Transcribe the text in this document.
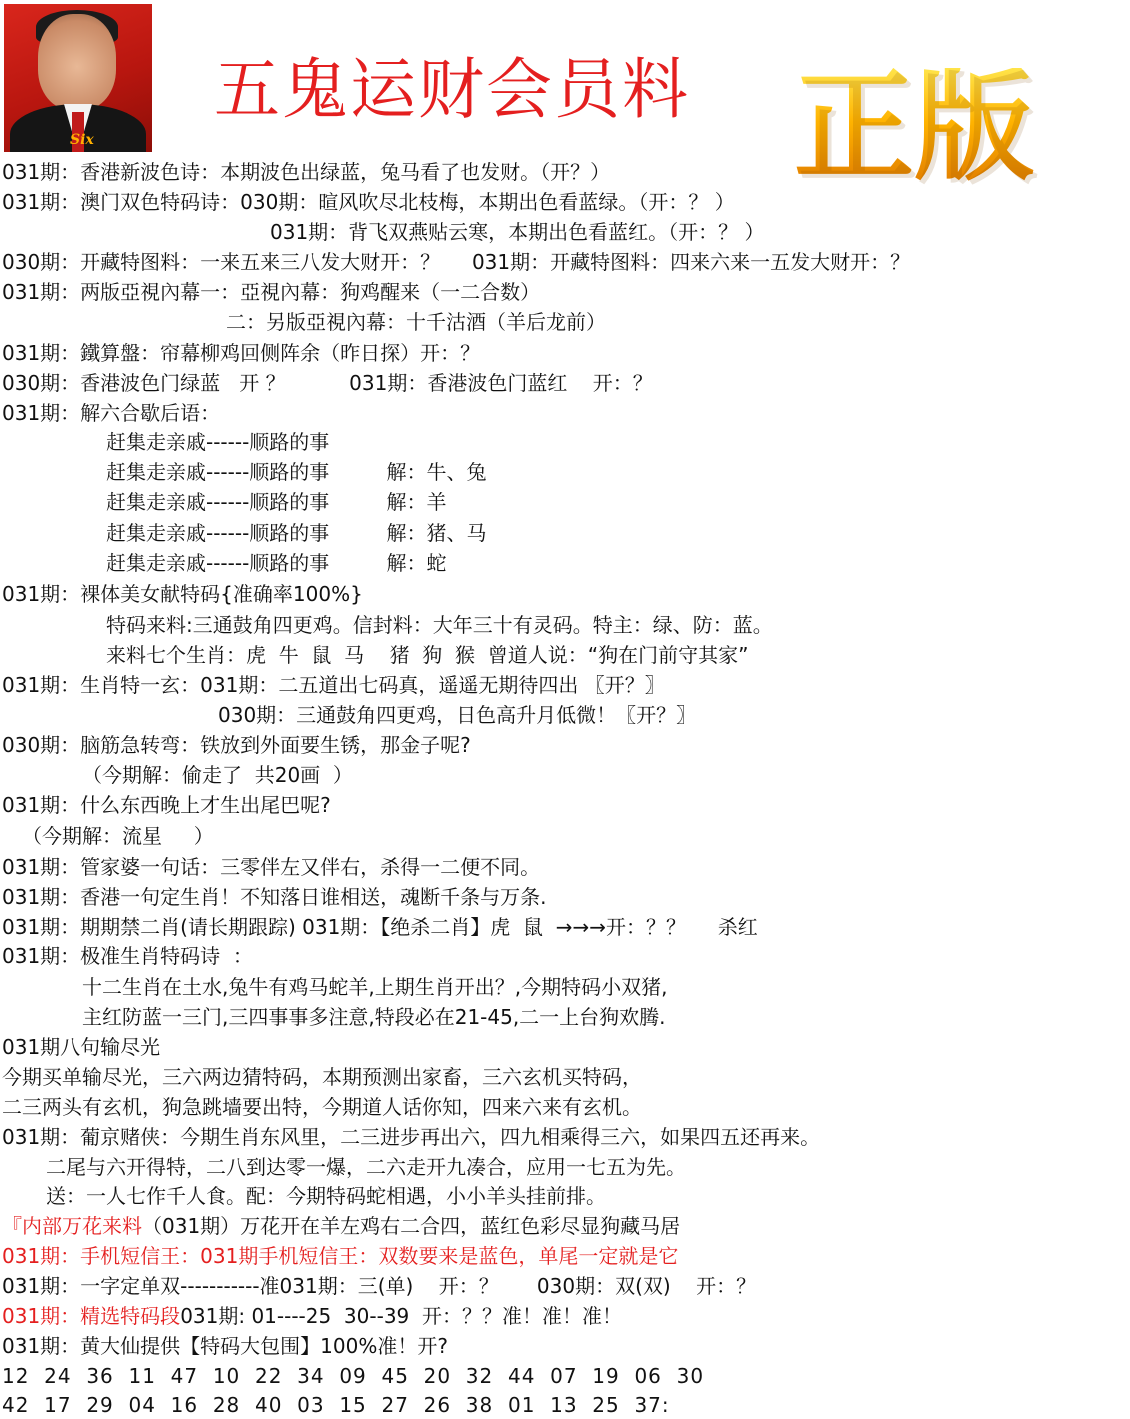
Six
五鬼运财会员料 正版
031期：香港新波色诗：本期波色出绿蓝，兔马看了也发财。（开？）
031期：澳门双色特码诗：030期：暄风吹尽北枝梅，本期出色看蓝绿。（开：？ ）
031期：背飞双燕贴云寒，本期出色看蓝红。（开：？ ）
030期：开藏特图料：一来五来三八发大财开：？     031期：开藏特图料：四来六来一五发大财开：？
031期：两版亞視內幕一：亞視內幕：狗鸡醒来（一二合数）
二：另版亞視內幕：十千沽酒（羊后龙前）
031期：鐵算盤：帘幕柳鸡回侧阵余（昨日探）开：？
030期：香港波色门绿蓝   开 ？          031期：香港波色门蓝红    开：？
031期：解六合歇后语：
赶集走亲戚------顺路的事
赶集走亲戚------顺路的事         解：牛、兔
赶集走亲戚------顺路的事         解：羊
赶集走亲戚------顺路的事         解：猪、马
赶集走亲戚------顺路的事         解：蛇
031期：裸体美女献特码{准确率100%}
特码来料:三通鼓角四更鸡。信封料：大年三十有灵码。特主：绿、防：蓝。
来料七个生肖：虎  牛  鼠  马    猪  狗  猴  曾道人说：“狗在门前守其家”
031期：生肖特一玄：031期：二五道出七码真，遥遥无期待四出 〖开？〗
030期：三通鼓角四更鸡，日色高升月低微！〖开？〗
030期：脑筋急转弯：铁放到外面要生锈，那金子呢?
（今期解：偷走了  共20画  ）
031期：什么东西晚上才生出尾巴呢?
（今期解：流星     ）
031期：管家婆一句话：三零伴左又伴右，杀得一二便不同。
031期：香港一句定生肖！不知落日谁相送，魂断千条与万条.
031期：期期禁二肖(请长期跟踪) 031期：【绝杀二肖】虎  鼠  →→→开：？？     杀红
031期：极准生肖特码诗  ：
十二生肖在土水,兔牛有鸡马蛇羊,上期生肖开出？,今期特码小双猪,
主红防蓝一三门,三四事事多注意,特段必在21-45,二一上台狗欢腾.
031期八句输尽光
今期买单输尽光，三六两边猜特码，本期预测出家畜，三六玄机买特码，
二三两头有玄机，狗急跳墙要出特，今期道人话你知，四来六来有玄机。
031期：葡京赌侠：今期生肖东风里，二三进步再出六，四九相乘得三六，如果四五还再来。
二尾与六开得特，二八到达零一爆，二六走开九凑合，应用一七五为先。
送：一人七作千人食。配：今期特码蛇相遇，小小羊头挂前排。
『内部万花来料（031期）万花开在羊左鸡右二合四，蓝红色彩尽显狗藏马居
031期：手机短信王：031期手机短信王：双数要来是蓝色，单尾一定就是它
031期：一字定单双-----------准031期：三(单)    开：？      030期：双(双)    开：？
031期：精选特码段031期: 01----25  30--39  开：？？准！准！准！
031期：黄大仙提供【特码大包围】100%准！开?
12  24  36  11  47  10  22  34  09  45  20  32  44  07  19  06  30
42  17  29  04  16  28  40  03  15  27  26  38  01  13  25  37:
